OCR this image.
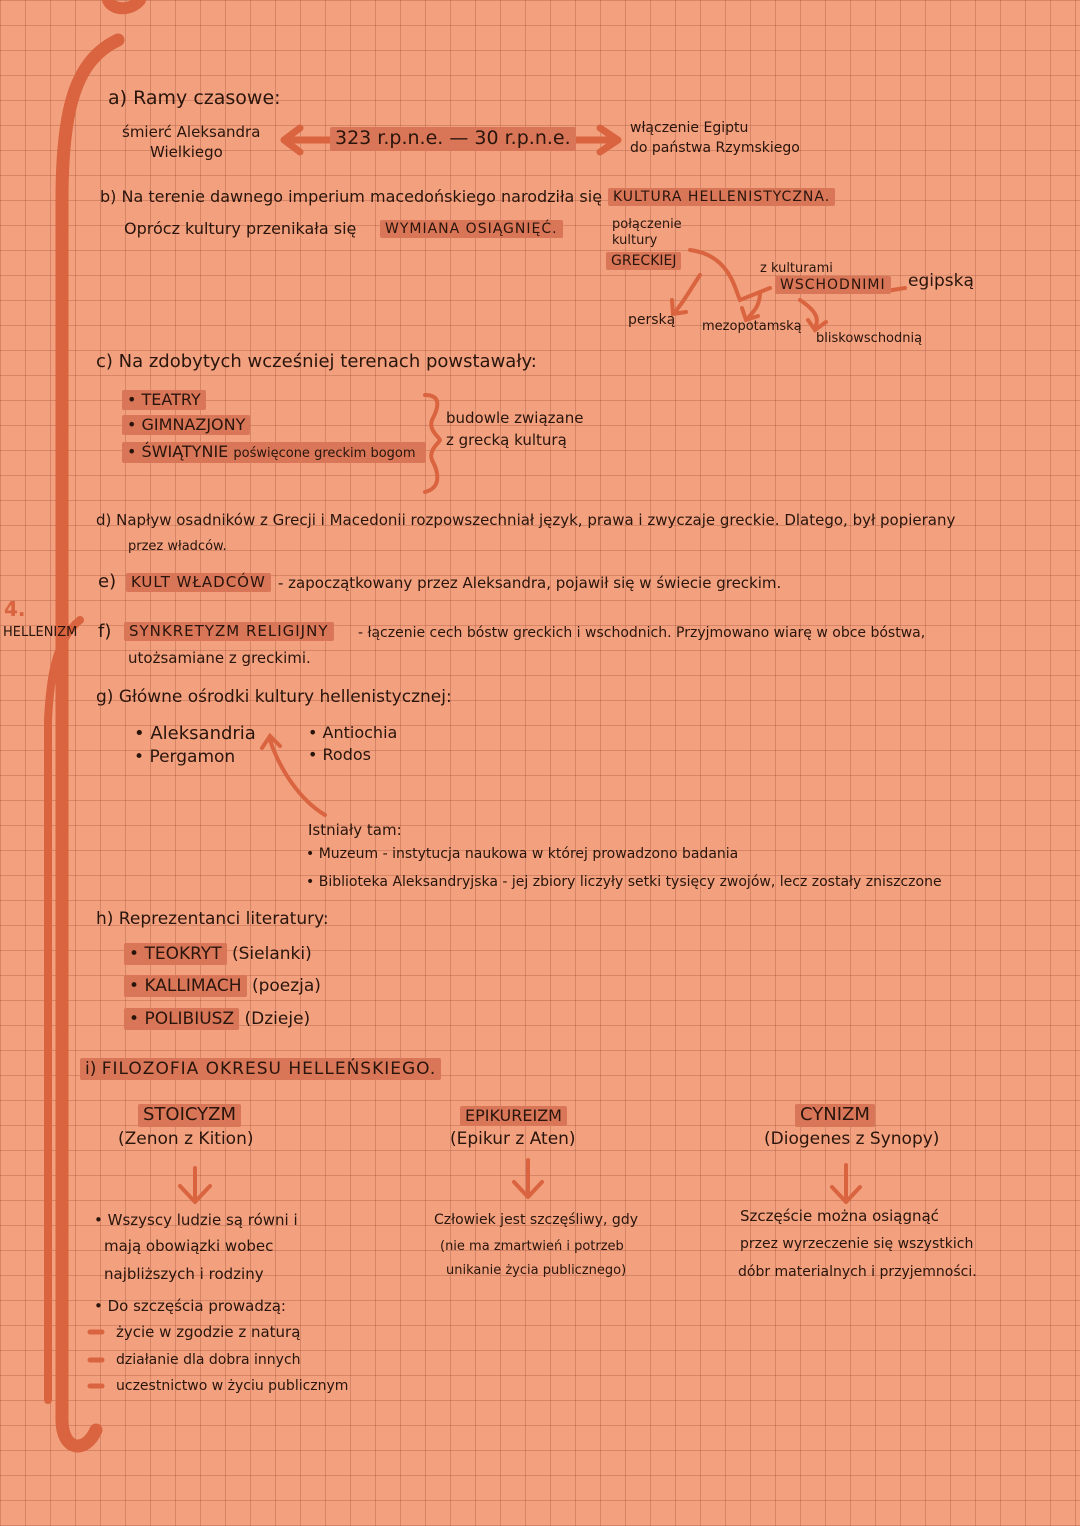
4.
HELLENIZM
a) Ramy czasowe:
śmierć Aleksandra
Wielkiego
323 r.p.n.e. — 30 r.p.n.e.	włączenie Egiptu
do państwa Rzymskiego
b) Na terenie dawnego imperium macedońskiego narodziła się KULTURA HELLENISTYCZNA.
Oprócz kultury przenikała się	WYMIANA OSIĄGNIĘĆ.	połączenie
kultury
GRECKIEJ	z kulturami
WSCHODNIMI egipską
perską mezopotamską
bliskowschodnią
c) Na zdobytych wcześniej terenach powstawały:
• TEATRY
• GIMNAZJONY
• ŚWIĄTYNIE poświęcone greckim bogom
budowle związane
z grecką kulturą
d) Napływ osadników z Grecji i Macedonii rozpowszechniał język, prawa i zwyczaje greckie. Dlatego, był popierany
przez władców.
e) KULT WŁADCÓW - zapoczątkowany przez Aleksandra, pojawił się w świecie greckim.
f)	SYNKRETYZM RELIGIJNY	- łączenie cech bóstw greckich i wschodnich. Przyjmowano wiarę w obce bóstwa,
utożsamiane z greckimi.
g) Główne ośrodki kultury hellenistycznej:
• Aleksandria
• Pergamon
• Antiochia
• Rodos
Istniały tam:
• Muzeum - instytucja naukowa w której prowadzono badania
• Biblioteka Aleksandryjska - jej zbiory liczyły setki tysięcy zwojów, lecz zostały zniszczone
h) Reprezentanci literatury:
• TEOKRYT (Sielanki)
• KALLIMACH (poezja)
• POLIBIUSZ (Dzieje)
i) FILOZOFIA OKRESU HELLEŃSKIEGO.
STOICYZM
(Zenon z Kition)
EPIKUREIZM
(Epikur z Aten)
CYNIZM
(Diogenes z Synopy)
• Wszyscy ludzie są równi i
mają obowiązki wobec
najbliższych i rodziny
• Do szczęścia prowadzą:
życie w zgodzie z naturą
działanie dla dobra innych
uczestnictwo w życiu publicznym
Człowiek jest szczęśliwy, gdy
(nie ma zmartwień i potrzeb
unikanie życia publicznego)
Szczęście można osiągnąć
przez wyrzeczenie się wszystkich
dóbr materialnych i przyjemności.
